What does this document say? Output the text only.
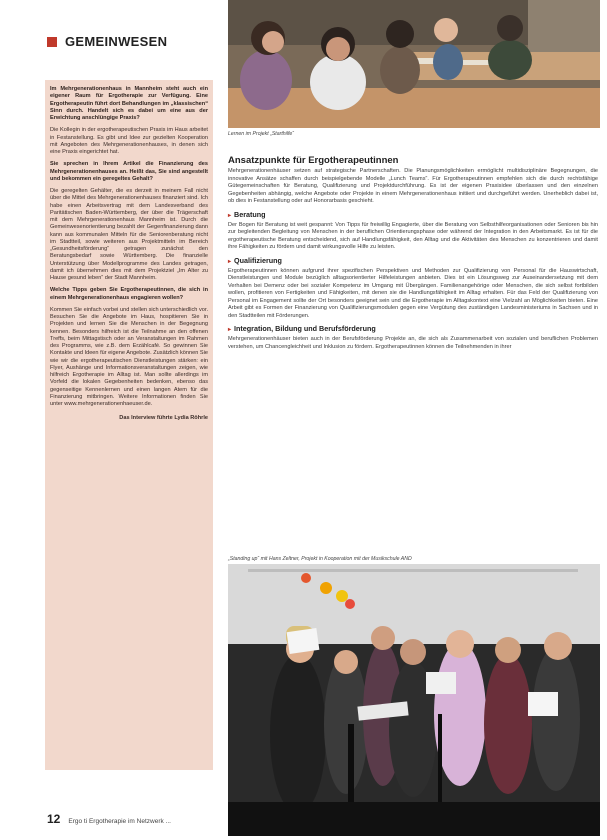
GEMEINWESEN

Im Mehrgenerationenhaus in Mannheim steht auch ein eigener Raum für Ergotherapie zur Verfügung. Eine Ergotherapeutin führt dort Behandlungen im „klassischen“ Sinn durch. Handelt sich es dabei um eine aus der Erwichtung anschlüngige Praxis?

Die Kollegin in der ergotherapeutischen Praxis im Haus arbeitet in Festanstellung. Es gibt und Idee zur gezielten Kooperation mit Angeboten des Mehrgenerationenhauses, in denen sich eine Praxis eingerichtet hat.

Sie sprechen in Ihrem Artikel die Finanzierung des Mehrgenerationenhauses an. Heißt das, Sie sind angestellt und bekommen ein geregeltes Gehalt?

Die geregelten Gehälter, die es derzeit in meinem Fall nicht über die Mittel des Mehrgenerationenhauses finanziert sind. Ich habe einen Arbeitsvertrag mit dem Landesverband des Paritätischen Baden-Württemberg, der über die Trägerschaft mit dem Mehrgenerationenhaus Mannheim ist. Durch die Gemeinwesenorientierung bezahlt der Gegenfinanzierung dann kann aus kommunalen Mitteln für die Seniorenberatung nicht im Stadtteil, sowie weiteren aus Projektmitteln im Bereich „Gesundheitsförderung“ getragen zunächst den Beratungsbedarf sowie Württemberg. Die finanzielle Unterstützung über Modellprogramme des Landes getragen, damit ich übernehmen dies mit dem Projektziel „Im Alter zu Hause gesund leben“ der Stadt Mannheim.

Welche Tipps geben Sie Ergotherapeutinnen, die sich in einem Mehrgenerationenhaus engagieren wollen?

Kommen Sie einfach vorbei und stellen sich unterschiedlich vor. Besuchen Sie die Angebote im Haus, hospitieren Sie in Projekten und lernen Sie die Menschen in der Begegnung kennen. Besonders hilfreich ist die Teilnahme an den offenen Treffs, beim Mittagstisch oder an Veranstaltungen im Rahmen des Programms, wie z.B. dem Erzählcafé. So gewinnen Sie Kontakte und Ideen für eigene Angebote. Zusätzlich können Sie wie wir die ergotherapeutischen Dienstleistungen stärken: ein Flyer, Aushänge und Informationsveranstaltungen zeigen, wie hilfreich Ergotherapie im Alltag ist. Man sollte allerdings im Vorfeld die lokalen Gegebenheiten bedenken, ebenso das gegenseitige Kennenlernen und einen langen Atem für die Finanzierung mitbringen. Weitere Informationen finden Sie unter www.mehrgenerationenhaeuser.de.

Das Interview führte Lydia Röhrle

Lernen im Projekt „Starthilfe“
Ansatzpunkte für Ergotherapeutinnen

Mehrgenerationenhäuser setzen auf strategische Partnerschaften. Die Planungsmöglichkeiten ermöglicht multidisziplinäre Begegnungen, die innovative Ansätze schaffen durch beispielgebende Modelle „Lunch Teams“. Für Ergotherapeutinnen empfehlen sich die durch rechtsfähige Gütegemeinschaften für Beratung, Qualifizierung und Projektdurchführung. Es ist der eigenen Praxisidee überlassen und den einzelnen Gegebenheiten abhängig, welche Angebote oder Projekte in einem Mehrgenerationenhaus initiiert und durchgeführt werden. Unerheblich dabei ist, ob dies in Festanstellung oder auf Honorarbasis geschieht.

▸ Beratung

Der Bogen für Beratung ist weit gespannt: Von Tipps für freiwillig Engagierte, über die Beratung von Selbsthilfeorganisationen oder Senioren bis hin zur begleitenden Begleitung von Menschen in der beruflichen Orientierungsphase oder während der Integration in den Arbeitsmarkt. Es ist für die ergotherapeutische Beratung entscheidend, sich auf Handlungsfähigkeit, den Alltag und die Aktivitäten des Menschen zu konzentrieren und damit ihre Fähigkeiten zu fördern und damit wirkungsvolle Hilfe zu leisten.

▸ Qualifizierung

Ergotherapeutinnen können aufgrund ihrer spezifischen Perspektiven und Methoden zur Qualifizierung von Personal für die Hauswirtschaft, Dienstleistungen und Module bezüglich alltagsorientierter Hilfeleistungen anbieten. Dies ist ein Lösungsweg zur Auseinandersetzung mit dem Verhalten bei Demenz oder bei sozialer Kompetenz im Umgang mit Übergängen. Familienangehörige oder Menschen, die sich selbst fortbilden wollen, profitieren von Fertigkeiten und Fähigkeiten, mit denen sie die Handlungsfähigkeit im Alltag erhalten. Für das Feld der Qualifizierung von Personal im Engagement sollte der Ort besonders geeignet sein und die Ergotherapie im Alltagskontext eine Vielzahl an Möglichkeiten bieten. Eine Arbeit gibt es Formen der Finanzierung von Qualifizierungsmodulen gegen eine Vergütung des zuständigen Landesministeriums in Sachsen und in den Stadtteilen mit Förderungen.

▸ Integration, Bildung und Berufsförderung

Mehrgenerationenhäuser bieten auch in der Berufsförderung Projekte an, die sich als Zusammenarbeit von sozialen und beruflichen Problemen verstehen, um Chancengleichheit und Inklusion zu fördern. Ergotherapeutinnen können die Teilnehmenden in ihrer

„Standing up“ mit Hans Zeltner, Projekt in Kooperation mit der Musikschule AND
12 Ergo ti Ergotherapie im Netzwerk ...
